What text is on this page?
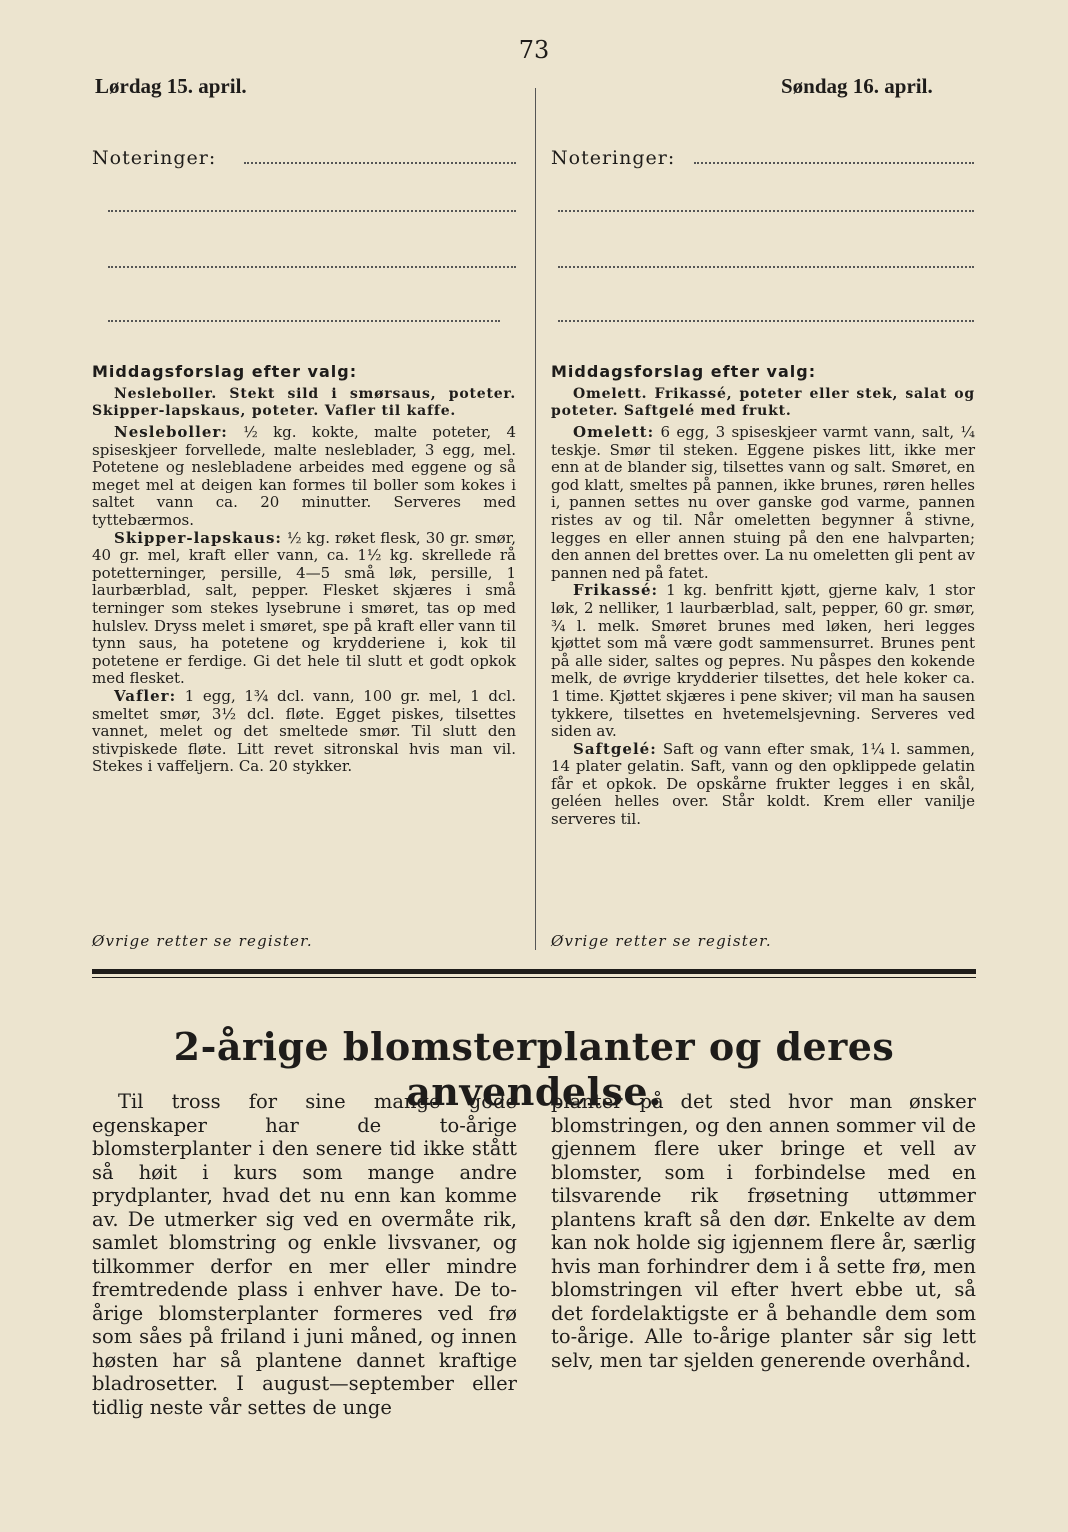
73
Lørdag 15. april.	Søndag 16. april.
Noteringer:	Noteringer:
Middagsforslag efter valg:

Nesleboller. Stekt sild i smørsaus, poteter. Skipper-lapskaus, poteter. Vafler til kaffe.

Nesleboller: ½ kg. kokte, malte poteter, 4 spiseskjeer forvellede, malte nesleblader, 3 egg, mel. Potetene og neslebladene arbeides med eggene og så meget mel at deigen kan formes til boller som kokes i saltet vann ca. 20 minutter. Serveres med tyttebærmos.

Skipper-lapskaus: ½ kg. røket flesk, 30 gr. smør, 40 gr. mel, kraft eller vann, ca. 1½ kg. skrellede rå potetterninger, persille, 4—5 små løk, persille, 1 laurbærblad, salt, pepper. Flesket skjæres i små terninger som stekes lysebrune i smøret, tas op med hulslev. Dryss melet i smøret, spe på kraft eller vann til tynn saus, ha potetene og krydderiene i, kok til potetene er ferdige. Gi det hele til slutt et godt opkok med flesket.

Vafler: 1 egg, 1¾ dcl. vann, 100 gr. mel, 1 dcl. smeltet smør, 3½ dcl. fløte. Egget piskes, tilsettes vannet, melet og det smeltede smør. Til slutt den stivpiskede fløte. Litt revet sitronskal hvis man vil. Stekes i vaffeljern. Ca. 20 stykker.

Øvrige retter se register.
Middagsforslag efter valg:

Omelett. Frikassé, poteter eller stek, salat og poteter. Saftgelé med frukt.

Omelett: 6 egg, 3 spiseskjeer varmt vann, salt, ¼ teskje. Smør til steken. Eggene piskes litt, ikke mer enn at de blander sig, tilsettes vann og salt. Smøret, en god klatt, smeltes på pannen, ikke brunes, røren helles i, pannen settes nu over ganske god varme, pannen ristes av og til. Når omeletten begynner å stivne, legges en eller annen stuing på den ene halvparten; den annen del brettes over. La nu omeletten gli pent av pannen ned på fatet.

Frikassé: 1 kg. benfritt kjøtt, gjerne kalv, 1 stor løk, 2 nelliker, 1 laurbærblad, salt, pepper, 60 gr. smør, ¾ l. melk. Smøret brunes med løken, heri legges kjøttet som må være godt sammensurret. Brunes pent på alle sider, saltes og pepres. Nu påspes den kokende melk, de øvrige krydderier tilsettes, det hele koker ca. 1 time. Kjøttet skjæres i pene skiver; vil man ha sausen tykkere, tilsettes en hvetemelsjevning. Serveres ved siden av.

Saftgelé: Saft og vann efter smak, 1¼ l. sammen, 14 plater gelatin. Saft, vann og den opklippede gelatin får et opkok. De opskårne frukter legges i en skål, geléen helles over. Står koldt. Krem eller vanilje serveres til.

Øvrige retter se register.
2-årige blomsterplanter og deres anvendelse.

Til tross for sine mange gode egenskaper har de to-årige blomsterplanter i den senere tid ikke stått så høit i kurs som mange andre prydplanter, hvad det nu enn kan komme av. De utmerker sig ved en overmåte rik, samlet blomstring og enkle livsvaner, og tilkommer derfor en mer eller mindre fremtredende plass i enhver have. De to-årige blomsterplanter formeres ved frø som såes på friland i juni måned, og innen høsten har så plantene dannet kraftige bladrosetter. I august—september eller tidlig neste vår settes de unge

planter på det sted hvor man ønsker blomstringen, og den annen sommer vil de gjennem flere uker bringe et vell av blomster, som i forbindelse med en tilsvarende rik frøsetning uttømmer plantens kraft så den dør. Enkelte av dem kan nok holde sig igjennem flere år, særlig hvis man forhindrer dem i å sette frø, men blomstringen vil efter hvert ebbe ut, så det fordelaktigste er å behandle dem som to-årige. Alle to-årige planter sår sig lett selv, men tar sjelden generende overhånd.
